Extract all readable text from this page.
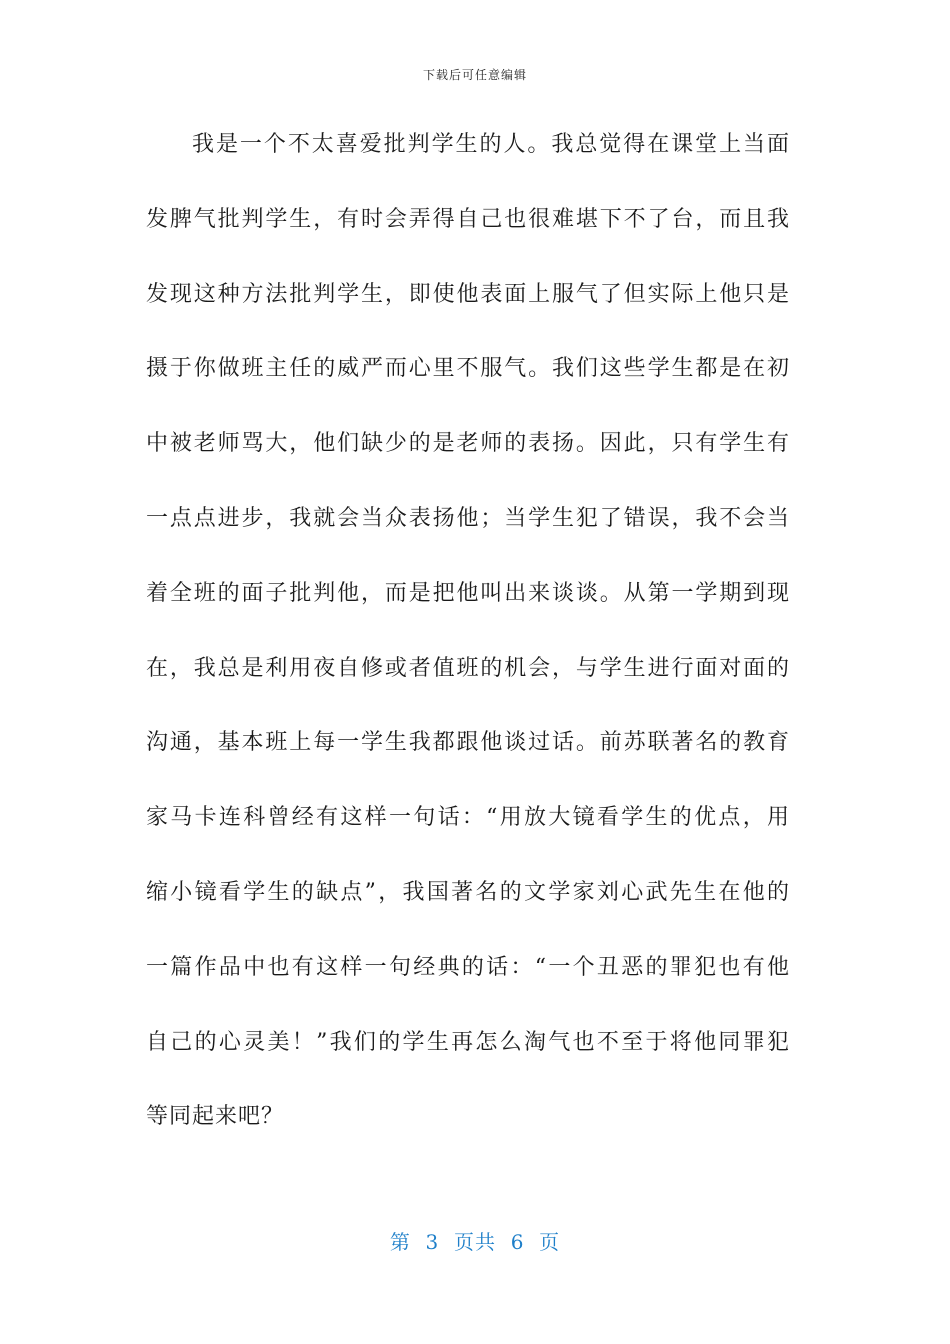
下载后可任意编辑
我是一个不太喜爱批判学生的人。我总觉得在课堂上当面
发脾气批判学生，有时会弄得自己也很难堪下不了台，而且我
发现这种方法批判学生，即使他表面上服气了但实际上他只是
摄于你做班主任的威严而心里不服气。我们这些学生都是在初
中被老师骂大，他们缺少的是老师的表扬。因此，只有学生有
一点点进步，我就会当众表扬他；当学生犯了错误，我不会当
着全班的面子批判他，而是把他叫出来谈谈。从第一学期到现
在，我总是利用夜自修或者值班的机会，与学生进行面对面的
沟通，基本班上每一学生我都跟他谈过话。前苏联著名的教育
家马卡连科曾经有这样一句话：“用放大镜看学生的优点，用
缩小镜看学生的缺点”，我国著名的文学家刘心武先生在他的
一篇作品中也有这样一句经典的话：“一个丑恶的罪犯也有他
自己的心灵美！”我们的学生再怎么淘气也不至于将他同罪犯
等同起来吧？
第  3  页共  6  页
